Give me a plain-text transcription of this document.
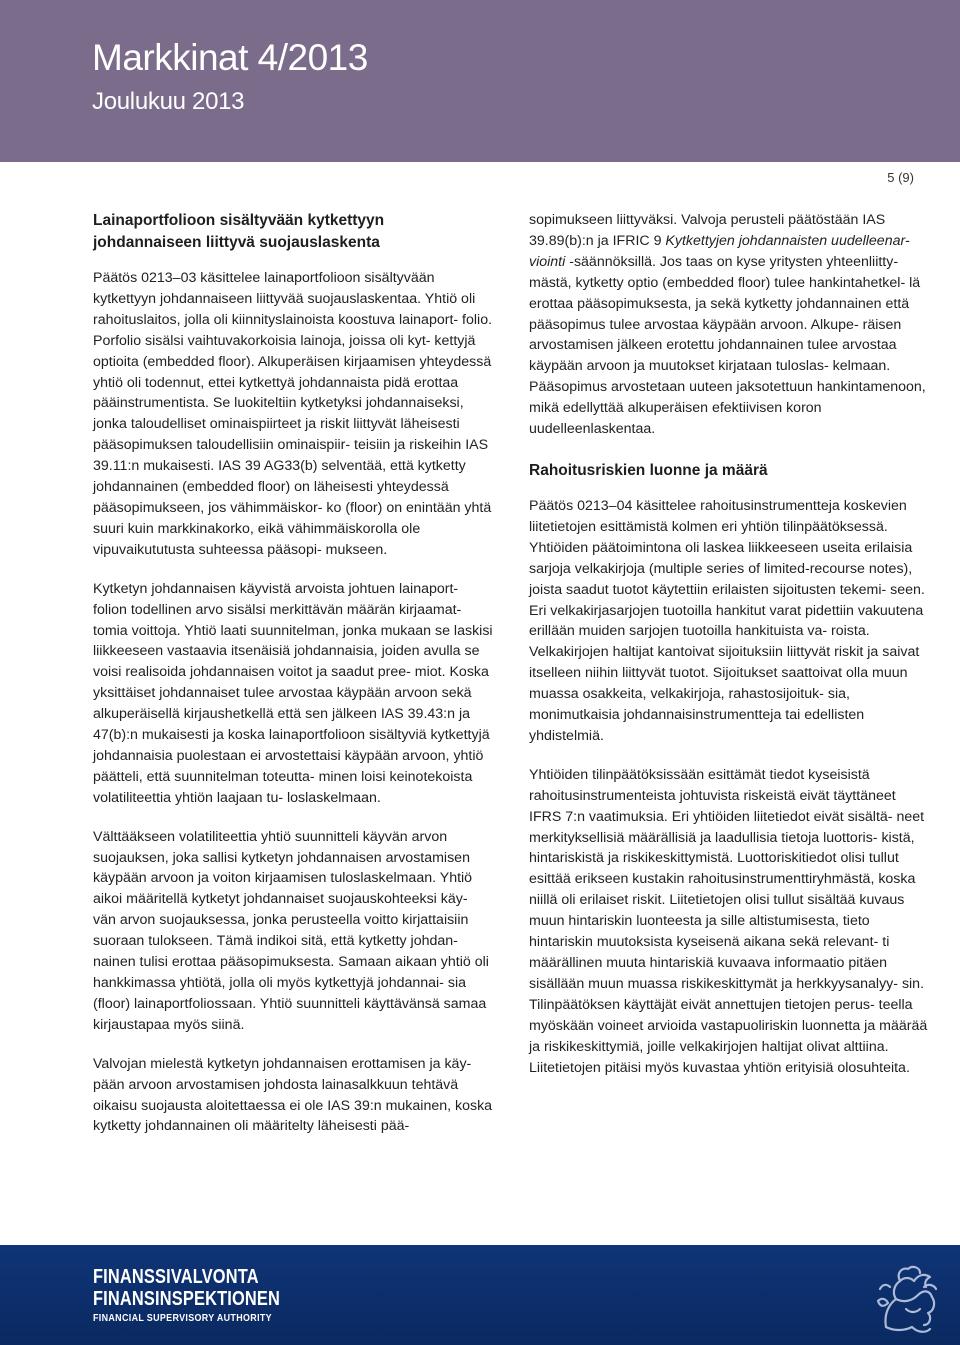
Markkinat 4/2013
Joulukuu 2013
5 (9)
Lainaportfolioon sisältyvään kytkettyyn johdannaiseen liittyvä suojauslaskenta

Päätös 0213–03 käsittelee lainaportfolioon sisältyvään kytkettyyn johdannaiseen liittyvää suojauslaskentaa. Yhtiö oli rahoituslaitos, jolla oli kiinnityslainoista koostuva lainaport- folio. Porfolio sisälsi vaihtuvakorkoisia lainoja, joissa oli kyt- kettyjä optioita (embedded floor). Alkuperäisen kirjaamisen yhteydessä yhtiö oli todennut, ettei kytkettyä johdannaista pidä erottaa pääinstrumentista. Se luokiteltiin kytketyksi johdannaiseksi, jonka taloudelliset ominaispiirteet ja riskit liittyvät läheisesti pääsopimuksen taloudellisiin ominaispiir- teisiin ja riskeihin IAS 39.11:n mukaisesti. IAS 39 AG33(b) selventää, että kytketty johdannainen (embedded floor) on läheisesti yhteydessä pääsopimukseen, jos vähimmäiskor- ko (floor) on enintään yhtä suuri kuin markkinakorko, eikä vähimmäiskorolla ole vipuvaikututusta suhteessa pääsopi- mukseen.

Kytketyn johdannaisen käyvistä arvoista johtuen lainaport- folion todellinen arvo sisälsi merkittävän määrän kirjaamat- tomia voittoja. Yhtiö laati suunnitelman, jonka mukaan se laskisi liikkeeseen vastaavia itsenäisiä johdannaisia, joiden avulla se voisi realisoida johdannaisen voitot ja saadut pree- miot. Koska yksittäiset johdannaiset tulee arvostaa käypään arvoon sekä alkuperäisellä kirjaushetkellä että sen jälkeen IAS 39.43:n ja 47(b):n mukaisesti ja koska lainaportfolioon sisältyviä kytkettyjä johdannaisia puolestaan ei arvostettaisi käypään arvoon, yhtiö päätteli, että suunnitelman toteutta- minen loisi keinotekoista volatiliteettia yhtiön laajaan tu- loslaskelmaan.

Välttääkseen volatiliteettia yhtiö suunnitteli käyvän arvon suojauksen, joka sallisi kytketyn johdannaisen arvostamisen käypään arvoon ja voiton kirjaamisen tuloslaskelmaan. Yhtiö aikoi määritellä kytketyt johdannaiset suojauskohteeksi käy- vän arvon suojauksessa, jonka perusteella voitto kirjattaisiin suoraan tulokseen. Tämä indikoi sitä, että kytketty johdan- nainen tulisi erottaa pääsopimuksesta. Samaan aikaan yhtiö oli hankkimassa yhtiötä, jolla oli myös kytkettyjä johdannai- sia (floor) lainaportfoliossaan. Yhtiö suunnitteli käyttävänsä samaa kirjaustapaa myös siinä.

Valvojan mielestä kytketyn johdannaisen erottamisen ja käy- pään arvoon arvostamisen johdosta lainasalkkuun tehtävä oikaisu suojausta aloitettaessa ei ole IAS 39:n mukainen, koska kytketty johdannainen oli määritelty läheisesti pää-

sopimukseen liittyväksi. Valvoja perusteli päätöstään IAS 39.89(b):n ja IFRIC 9 Kytkettyjen johdannaisten uudelleenar- viointi -säännöksillä. Jos taas on kyse yritysten yhteenliitty- mästä, kytketty optio (embedded floor) tulee hankintahetkel- lä erottaa pääsopimuksesta, ja sekä kytketty johdannainen että pääsopimus tulee arvostaa käypään arvoon. Alkupe- räisen arvostamisen jälkeen erotettu johdannainen tulee arvostaa käypään arvoon ja muutokset kirjataan tuloslas- kelmaan. Pääsopimus arvostetaan uuteen jaksotettuun hankintamenoon, mikä edellyttää alkuperäisen efektiivisen koron uudelleenlaskentaa.

Rahoitusriskien luonne ja määrä

Päätös 0213–04 käsittelee rahoitusinstrumentteja koskevien liitetietojen esittämistä kolmen eri yhtiön tilinpäätöksessä. Yhtiöiden päätoimintona oli laskea liikkeeseen useita erilaisia sarjoja velkakirjoja (multiple series of limited-recourse notes), joista saadut tuotot käytettiin erilaisten sijoitusten tekemi- seen. Eri velkakirjasarjojen tuotoilla hankitut varat pidettiin vakuutena erillään muiden sarjojen tuotoilla hankituista va- roista. Velkakirjojen haltijat kantoivat sijoituksiin liittyvät riskit ja saivat itselleen niihin liittyvät tuotot. Sijoitukset saattoivat olla muun muassa osakkeita, velkakirjoja, rahastosijoituk- sia, monimutkaisia johdannaisinstrumentteja tai edellisten yhdistelmiä.

Yhtiöiden tilinpäätöksissään esittämät tiedot kyseisistä rahoitusinstrumenteista johtuvista riskeistä eivät täyttäneet IFRS 7:n vaatimuksia. Eri yhtiöiden liitetiedot eivät sisältä- neet merkityksellisiä määrällisiä ja laadullisia tietoja luottoris- kistä, hintariskistä ja riskikeskittymistä. Luottoriskitiedot olisi tullut esittää erikseen kustakin rahoitusinstrumenttiryhmästä, koska niillä oli erilaiset riskit. Liitetietojen olisi tullut sisältää kuvaus muun hintariskin luonteesta ja sille altistumisesta, tieto hintariskin muutoksista kyseisenä aikana sekä relevant- ti määrällinen muuta hintariskiä kuvaava informaatio pitäen sisällään muun muassa riskikeskittymät ja herkkyysanalyy- sin. Tilinpäätöksen käyttäjät eivät annettujen tietojen perus- teella myöskään voineet arvioida vastapuoliriskin luonnetta ja määrää ja riskikeskittymiä, joille velkakirjojen haltijat olivat alttiina. Liitetietojen pitäisi myös kuvastaa yhtiön erityisiä olosuhteita.

FINANSSIVALVONTA
FINANSINSPEKTIONEN
FINANCIAL SUPERVISORY AUTHORITY
